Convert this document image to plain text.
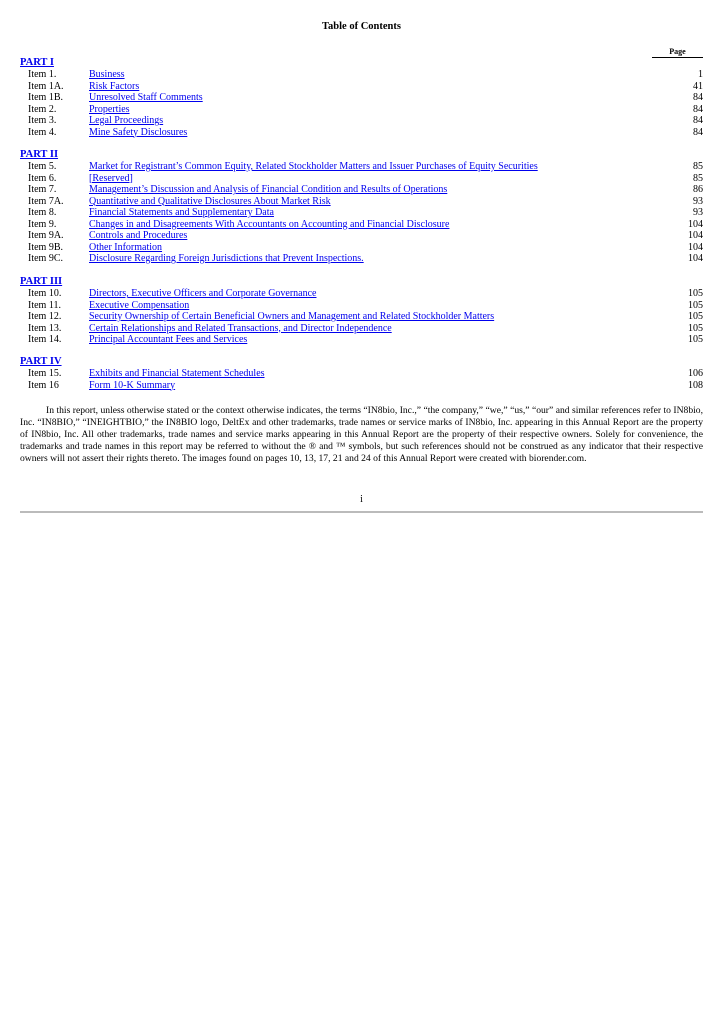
Table of Contents
Page
PART I
Item 1.	Business	1
Item 1A.	Risk Factors	41
Item 1B.	Unresolved Staff Comments	84
Item 2.	Properties	84
Item 3.	Legal Proceedings	84
Item 4.	Mine Safety Disclosures	84
PART II
Item 5.	Market for Registrant’s Common Equity, Related Stockholder Matters and Issuer Purchases of Equity Securities	85
Item 6.	[Reserved]	85
Item 7.	Management’s Discussion and Analysis of Financial Condition and Results of Operations	86
Item 7A.	Quantitative and Qualitative Disclosures About Market Risk	93
Item 8.	Financial Statements and Supplementary Data	93
Item 9.	Changes in and Disagreements With Accountants on Accounting and Financial Disclosure	104
Item 9A.	Controls and Procedures	104
Item 9B.	Other Information	104
Item 9C.	Disclosure Regarding Foreign Jurisdictions that Prevent Inspections.	104
PART III
Item 10.	Directors, Executive Officers and Corporate Governance	105
Item 11.	Executive Compensation	105
Item 12.	Security Ownership of Certain Beneficial Owners and Management and Related Stockholder Matters	105
Item 13.	Certain Relationships and Related Transactions, and Director Independence	105
Item 14.	Principal Accountant Fees and Services	105
PART IV
Item 15.	Exhibits and Financial Statement Schedules	106
Item 16	Form 10-K Summary	108

In this report, unless otherwise stated or the context otherwise indicates, the terms “IN8bio, Inc.,” “the company,” “we,” “us,” “our” and similar references refer to IN8bio, Inc. “IN8BIO,” “INEIGHTBIO,” the IN8BIO logo, DeltEx and other trademarks, trade names or service marks of IN8bio, Inc. appearing in this Annual Report are the property of IN8bio, Inc. All other trademarks, trade names and service marks appearing in this Annual Report are the property of their respective owners. Solely for convenience, the trademarks and trade names in this report may be referred to without the ® and ™ symbols, but such references should not be construed as any indicator that their respective owners will not assert their rights thereto. The images found on pages 10, 13, 17, 21 and 24 of this Annual Report were created with biorender.com.

i
